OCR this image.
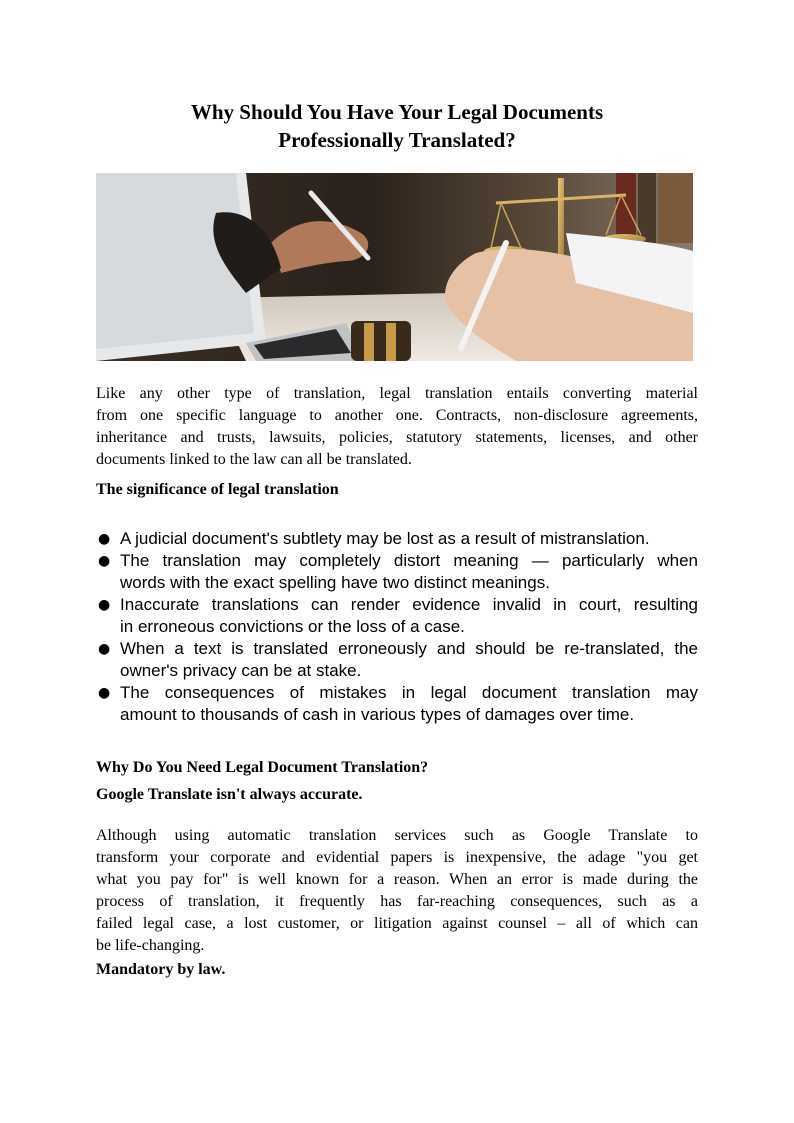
Why Should You Have Your Legal Documents
Professionally Translated?

Like any other type of translation, legal translation entails converting material
from one specific language to another one. Contracts, non-disclosure agreements,
inheritance and trusts, lawsuits, policies, statutory statements, licenses, and other
documents linked to the law can all be translated.

The significance of legal translation
● A judicial document's subtlety may be lost as a result of mistranslation.
● The translation may completely distort meaning — particularly when
words with the exact spelling have two distinct meanings.
● Inaccurate translations can render evidence invalid in court, resulting
in erroneous convictions or the loss of a case.
● When a text is translated erroneously and should be re-translated, the
owner's privacy can be at stake.
● The consequences of mistakes in legal document translation may
amount to thousands of cash in various types of damages over time.
Why Do You Need Legal Document Translation?
Google Translate isn't always accurate.

Although using automatic translation services such as Google Translate to
transform your corporate and evidential papers is inexpensive, the adage "you get
what you pay for" is well known for a reason. When an error is made during the
process of translation, it frequently has far-reaching consequences, such as a
failed legal case, a lost customer, or litigation against counsel – all of which can
be life-changing.

Mandatory by law.
